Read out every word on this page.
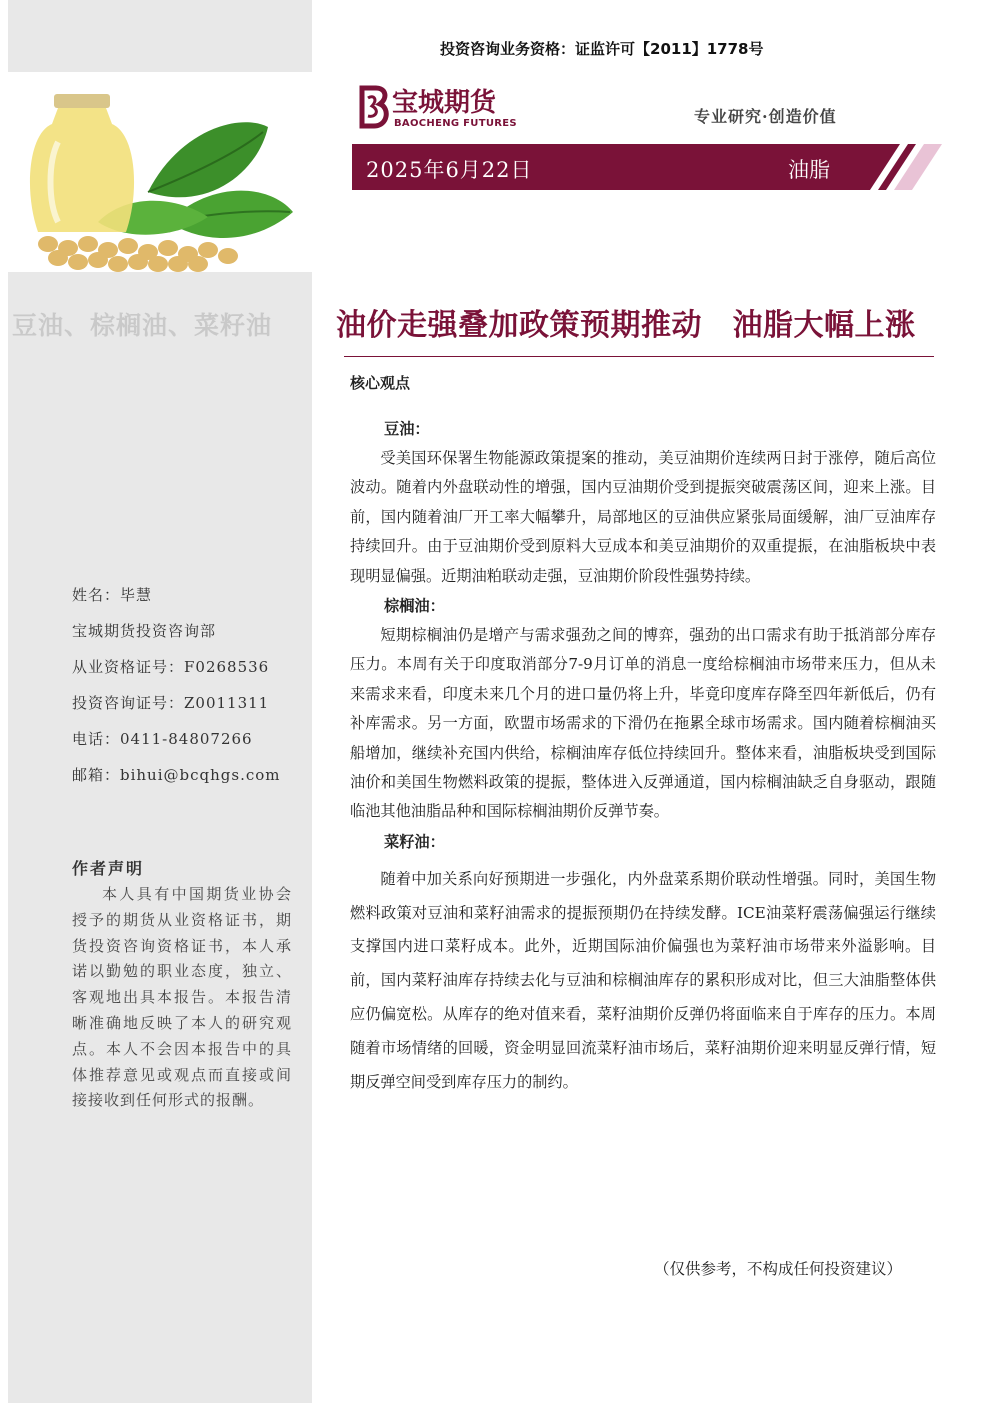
豆油、棕榈油、菜籽油
姓名：毕慧
宝城期货投资咨询部
从业资格证号：F0268536
投资咨询证号：Z0011311
电话：0411-84807266
邮箱：bihui@bcqhgs.com
作者声明
本人具有中国期货业协会授予的期货从业资格证书，期货投资咨询资格证书，本人承诺以勤勉的职业态度，独立、客观地出具本报告。本报告清晰准确地反映了本人的研究观点。本人不会因本报告中的具体推荐意见或观点而直接或间接接收到任何形式的报酬。
投资咨询业务资格：证监许可【2011】1778号
宝城期货
BAOCHENG FUTURES	专业研究·创造价值
2025年6月22日	油脂
油价走强叠加政策预期推动　油脂大幅上涨
核心观点
豆油：

受美国环保署生物能源政策提案的推动，美豆油期价连续两日封于涨停，随后高位波动。随着内外盘联动性的增强，国内豆油期价受到提振突破震荡区间，迎来上涨。目前，国内随着油厂开工率大幅攀升，局部地区的豆油供应紧张局面缓解，油厂豆油库存持续回升。由于豆油期价受到原料大豆成本和美豆油期价的双重提振，在油脂板块中表现明显偏强。近期油粕联动走强，豆油期价阶段性强势持续。

棕榈油：

短期棕榈油仍是增产与需求强劲之间的博弈，强劲的出口需求有助于抵消部分库存压力。本周有关于印度取消部分7-9月订单的消息一度给棕榈油市场带来压力，但从未来需求来看，印度未来几个月的进口量仍将上升，毕竟印度库存降至四年新低后，仍有补库需求。另一方面，欧盟市场需求的下滑仍在拖累全球市场需求。国内随着棕榈油买船增加，继续补充国内供给，棕榈油库存低位持续回升。整体来看，油脂板块受到国际油价和美国生物燃料政策的提振，整体进入反弹通道，国内棕榈油缺乏自身驱动，跟随临池其他油脂品种和国际棕榈油期价反弹节奏。

菜籽油：

随着中加关系向好预期进一步强化，内外盘菜系期价联动性增强。同时，美国生物燃料政策对豆油和菜籽油需求的提振预期仍在持续发酵。ICE油菜籽震荡偏强运行继续支撑国内进口菜籽成本。此外，近期国际油价偏强也为菜籽油市场带来外溢影响。目前，国内菜籽油库存持续去化与豆油和棕榈油库存的累积形成对比，但三大油脂整体供应仍偏宽松。从库存的绝对值来看，菜籽油期价反弹仍将面临来自于库存的压力。本周随着市场情绪的回暖，资金明显回流菜籽油市场后，菜籽油期价迎来明显反弹行情，短期反弹空间受到库存压力的制约。

（仅供参考，不构成任何投资建议）
